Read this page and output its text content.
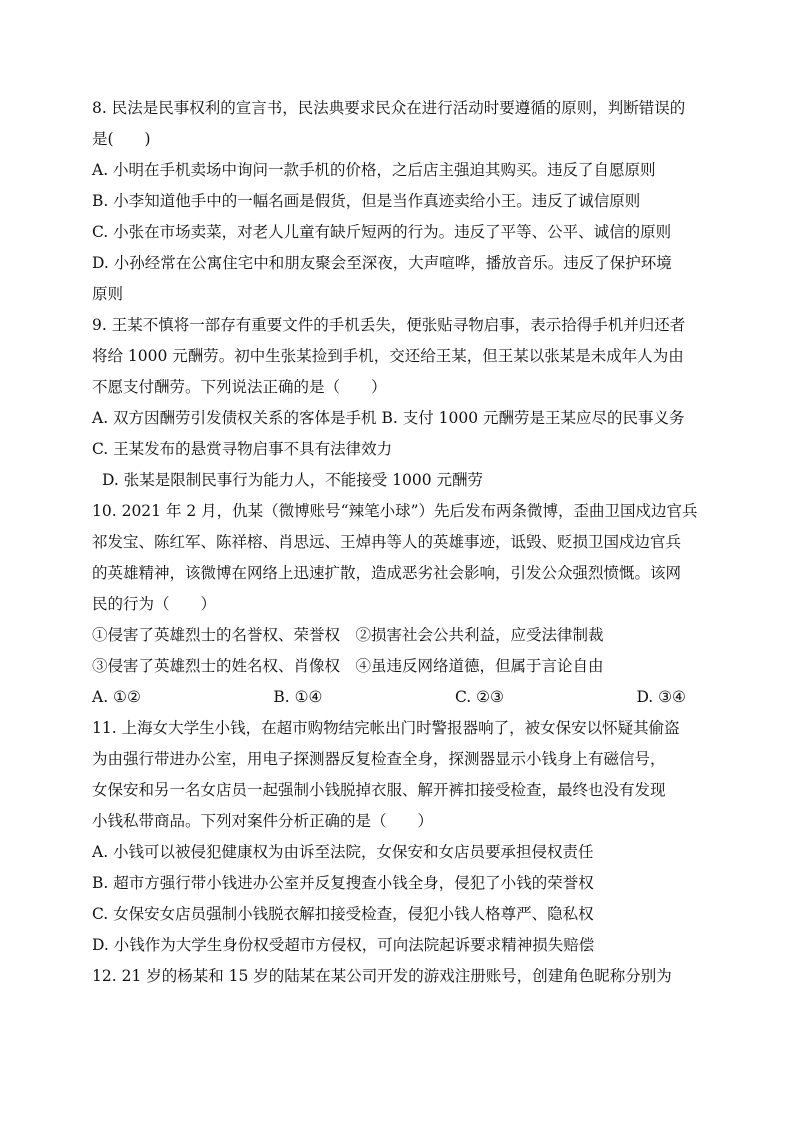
8. 民法是民事权利的宣言书，民法典要求民众在进行活动时要遵循的原则，判断错误的
是(　　)
A. 小明在手机卖场中询问一款手机的价格，之后店主强迫其购买。违反了自愿原则
B. 小李知道他手中的一幅名画是假货，但是当作真迹卖给小王。违反了诚信原则
C. 小张在市场卖菜，对老人儿童有缺斤短两的行为。违反了平等、公平、诚信的原则
D. 小孙经常在公寓住宅中和朋友聚会至深夜，大声喧哗，播放音乐。违反了保护环境
原则
9. 王某不慎将一部存有重要文件的手机丢失，便张贴寻物启事，表示拾得手机并归还者
将给 1000 元酬劳。初中生张某捡到手机，交还给王某，但王某以张某是未成年人为由
不愿支付酬劳。下列说法正确的是（　　）
A. 双方因酬劳引发债权关系的客体是手机 B. 支付 1000 元酬劳是王某应尽的民事义务
C. 王某发布的悬赏寻物启事不具有法律效力
D. 张某是限制民事行为能力人，不能接受 1000 元酬劳
10. 2021 年 2 月，仇某（微博账号“辣笔小球”）先后发布两条微博，歪曲卫国戍边官兵
祁发宝、陈红军、陈祥榕、肖思远、王焯冉等人的英雄事迹，诋毁、贬损卫国戍边官兵
的英雄精神，该微博在网络上迅速扩散，造成恶劣社会影响，引发公众强烈愤慨。该网
民的行为（　　）
①侵害了英雄烈士的名誉权、荣誉权　②损害社会公共利益，应受法律制裁
③侵害了英雄烈士的姓名权、肖像权　④虽违反网络道德，但属于言论自由
A. ①②	B. ①④	C. ②③	D. ③④
11. 上海女大学生小钱，在超市购物结完帐出门时警报器响了，被女保安以怀疑其偷盗
为由强行带进办公室，用电子探测器反复检查全身，探测器显示小钱身上有磁信号，
女保安和另一名女店员一起强制小钱脱掉衣服、解开裤扣接受检查，最终也没有发现
小钱私带商品。下列对案件分析正确的是（　　）
A. 小钱可以被侵犯健康权为由诉至法院，女保安和女店员要承担侵权责任
B. 超市方强行带小钱进办公室并反复搜查小钱全身，侵犯了小钱的荣誉权
C. 女保安女店员强制小钱脱衣解扣接受检查，侵犯小钱人格尊严、隐私权
D. 小钱作为大学生身份权受超市方侵权，可向法院起诉要求精神损失赔偿
12. 21 岁的杨某和 15 岁的陆某在某公司开发的游戏注册账号，创建角色昵称分别为
